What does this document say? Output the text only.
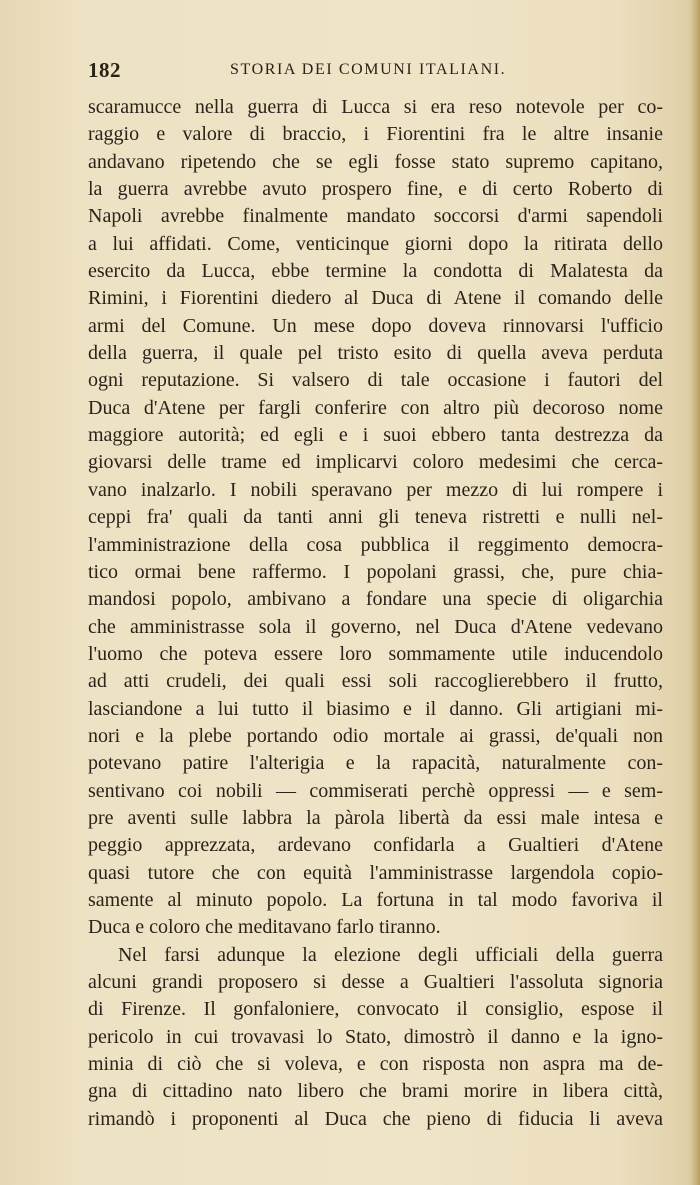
182	STORIA DEI COMUNI ITALIANI.
scaramucce nella guerra di Lucca si era reso notevole per co-
raggio e valore di braccio, i Fiorentini fra le altre insanie
andavano ripetendo che se egli fosse stato supremo capitano,
la guerra avrebbe avuto prospero fine, e di certo Roberto di
Napoli avrebbe finalmente mandato soccorsi d'armi sapendoli
a lui affidati. Come, venticinque giorni dopo la ritirata dello
esercito da Lucca, ebbe termine la condotta di Malatesta da
Rimini, i Fiorentini diedero al Duca di Atene il comando delle
armi del Comune. Un mese dopo doveva rinnovarsi l'ufficio
della guerra, il quale pel tristo esito di quella aveva perduta
ogni reputazione. Si valsero di tale occasione i fautori del
Duca d'Atene per fargli conferire con altro più decoroso nome
maggiore autorità; ed egli e i suoi ebbero tanta destrezza da
giovarsi delle trame ed implicarvi coloro medesimi che cerca-
vano inalzarlo. I nobili speravano per mezzo di lui rompere i
ceppi fra' quali da tanti anni gli teneva ristretti e nulli nel-
l'amministrazione della cosa pubblica il reggimento democra-
tico ormai bene raffermo. I popolani grassi, che, pure chia-
mandosi popolo, ambivano a fondare una specie di oligarchia
che amministrasse sola il governo, nel Duca d'Atene vedevano
l'uomo che poteva essere loro sommamente utile inducendolo
ad atti crudeli, dei quali essi soli raccoglierebbero il frutto,
lasciandone a lui tutto il biasimo e il danno. Gli artigiani mi-
nori e la plebe portando odio mortale ai grassi, de'quali non
potevano patire l'alterigia e la rapacità, naturalmente con-
sentivano coi nobili — commiserati perchè oppressi — e sem-
pre aventi sulle labbra la pàrola libertà da essi male intesa e
peggio apprezzata, ardevano confidarla a Gualtieri d'Atene
quasi tutore che con equità l'amministrasse largendola copio-
samente al minuto popolo. La fortuna in tal modo favoriva il
Duca e coloro che meditavano farlo tiranno.
Nel farsi adunque la elezione degli ufficiali della guerra
alcuni grandi proposero si desse a Gualtieri l'assoluta signoria
di Firenze. Il gonfaloniere, convocato il consiglio, espose il
pericolo in cui trovavasi lo Stato, dimostrò il danno e la igno-
minia di ciò che si voleva, e con risposta non aspra ma de-
gna di cittadino nato libero che brami morire in libera città,
rimandò i proponenti al Duca che pieno di fiducia li aveva
